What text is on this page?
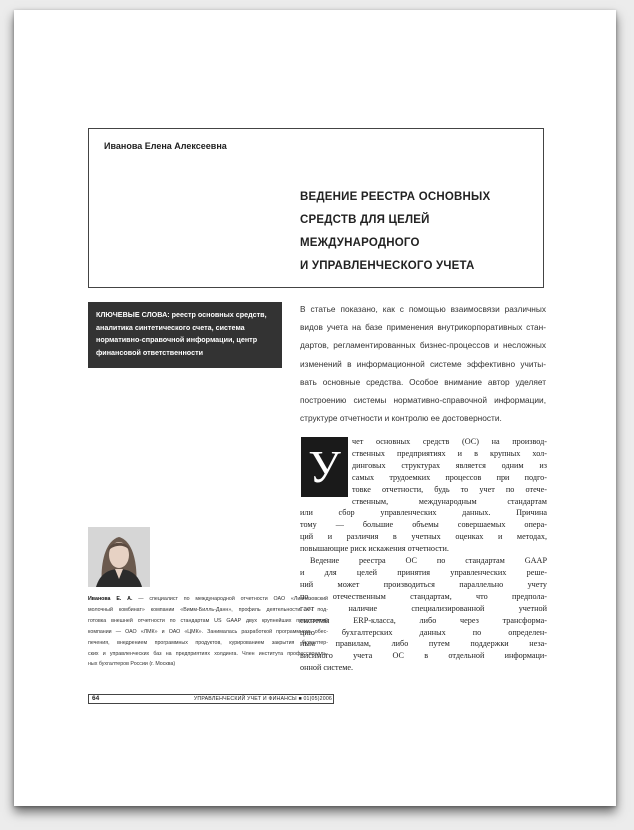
Иванова Елена Алексеевна
ВЕДЕНИЕ РЕЕСТРА ОСНОВНЫХ
СРЕДСТВ ДЛЯ ЦЕЛЕЙ
МЕЖДУНАРОДНОГО
И УПРАВЛЕНЧЕСКОГО УЧЕТА
КЛЮЧЕВЫЕ СЛОВА: реестр основных средств,
аналитика синтетического счета, система
нормативно-справочной информации, центр
финансовой ответственности
В статье показано, как с помощью взаимосвязи различных
видов учета на базе применения внутрикорпоративных стан-
дартов, регламентированных бизнес-процессов и несложных
изменений в информационной системе эффективно учиты-
вать основные средства. Особое внимание автор уделяет
построению системы нормативно-справочной информации,
структуре отчетности и контролю ее достоверности.
У	чет основных средств (ОС) на производ-
ственных предприятиях и в крупных хол-
динговых структурах является одним из
самых трудоемких процессов при подго-
товке отчетности, будь то учет по отече-
ственным, международным стандартам
или сбор управленческих данных. Причина
тому — большие объемы совершаемых опера-
ций и различия в учетных оценках и методах,
повышающие риск искажения отчетности.
Ведение реестра ОС по стандартам GAAP
и для целей принятия управленческих реше-
ний может производиться параллельно учету
по отечественным стандартам, что предпола-
гает наличие специализированной учетной
системы ERP-класса, либо через трансформа-
цию бухгалтерских данных по определен-
ным правилам, либо путем поддержки неза-
висимого учета ОС в отдельной информаци-
онной системе.
Иванова Е. А. — специалист по международной отчетности ОАО «Лианозовский
молочный комбинат» компании «Вимм-Билль-Данн», профиль деятельности — под-
готовка внешней отчетности по стандартам US GAAP двух крупнейших предприятий
компании — ОАО «ЛМК» и ОАО «ЦМК». Занималась разработкой программного обес-
печения, внедрением программных продуктов, курированием закрытия бухгалтер-
ских и управленческих баз на предприятиях холдинга. Член института профессиональ-
ных бухгалтеров России (г. Москва)
64	УПРАВЛЕНЧЕСКИЙ УЧЕТ И ФИНАНСЫ ■ 01(05)2006
